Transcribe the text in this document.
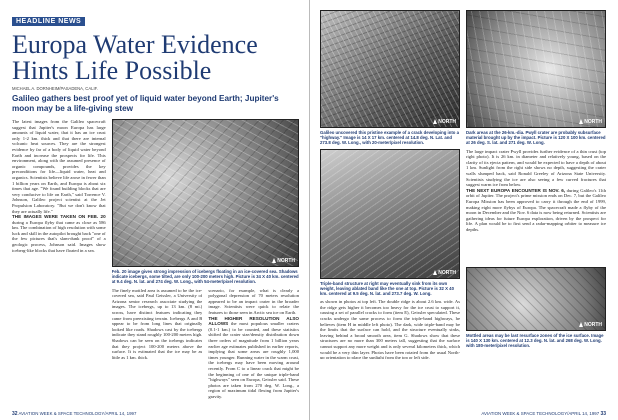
HEADLINE NEWS
Europa Water Evidence
Hints Life Possible
MICHAEL A. DORNHEIM/PASADENA, CALIF.
Galileo gathers best proof yet of liquid water beyond Earth; Jupiter's moon may be a life-giving stew

The latest images from the Galileo spacecraft suggest that Jupiter's moon Europa has large amounts of liquid water, that it has an ice crust only 1-2 km. thick and that there are internal volcanic heat sources. They are the strongest evidence by far of a body of liquid water beyond Earth and increase the prospects for life. This environment, along with the assumed presence of organic compounds, provides the key preconditions for life—liquid water, heat and organics. Scientists believe life arose in fewer than 1 billion years on Earth, and Europa is about six times that age. "We found building blocks that are very conducive to life on Earth," said Torrence V. Johnson, Galileo project scientist at the Jet Propulsion Laboratory. "But we don't know that they are actually life."

THE IMAGES WERE TAKEN ON FEB. 20 during a Europa flyby that came as close as 586 km. The combination of high resolution with some luck and skill in the autopilot brought back "one of the few pictures that's slam-dunk proof" of a geologic process, Johnson said. Images show iceberg-like blocks that have floated in a sea.

NORTH
Feb. 20 image gives strong impression of icebergs floating in an ice-covered sea. Shadows indicate icebergs, some tilted, are only 100-200 meters high. Picture is 34 X 40 km. centered at 9.4 deg. N. lat. and 274 deg. W. Long., with 54-meter/pixel resolution.

The finely mottled area is assumed to be the ice-covered sea, said Paul Geissler, a University of Arizona senior research associate studying the images. The icebergs, up to 13 km. (8 mi.) across, have distinct features indicating they came from preexisting terrain. Icebergs A and B appear to be from long lines that originally looked like roads. Shadows cast by the icebergs indicate they stand roughly 100-200 meters high. Shadows can be seen on the icebergs indicates that they project 100-200 meters above the surface. It is estimated that the ice may be as little as 1 km. thick.

scenario, for example, what is clearly a polygonal depression of 70 meters resolution appeared to be an impact crater in the broader image. Scientists were quick to relate the features to those seen in Arctic sea ice on Earth.

THE HIGHER RESOLUTION ALSO ALLOWS the most populous smaller craters (0.1-1 km.) to be counted, and these statistics shifted the crater size/density distribution down three orders of magnitude from 1 billion years earlier age estimates published in earlier reports, implying that some areas are roughly 1,000 times younger. Running water in the warm crust, the icebergs may have been moving around recently. From C to a linear crack that might be the beginning of one of the unique triple-band "highways" seen on Europa, Geissler said. These photos are taken from 270 deg. W. Long., a region of maximum tidal flexing from Jupiter's gravity.

32 AVIATION WEEK & SPACE TECHNOLOGY/APRIL 14, 1997
NORTH
Galileo uncovered this pristine example of a crack developing into a "highway." Image is 14 X 17 km. centered at 14.8 deg. N. Lat. and 273.8 deg. W. Long., with 20-meter/pixel resolution.
NORTH
Dark areas at the 26-km.-dia. Pwyll crater are probably subsurface material brought up by the impact. Picture is 120 X 100 km. centered at 26 deg. S. lat. and 271 deg. W. Long.
NORTH
Triple-band structure at right may eventually sink from its own weight, leaving ablated band like the one at top. Picture is 32 X 40 km. centered at 9.5 deg. N. lat. and 273.7 deg. W. Long.

as shown in photos at top left. The double ridge is about 2.6 km. wide. As the ridge gets higher it becomes too heavy for the ice crust to support it, causing a set of parallel cracks to form (item E), Geissler speculated. These cracks undergo the same process to form the triple-band highways, he believes (item H in middle left photo). The dark, wide triple-band may be the limits that the surface can hold, and the structure eventually sinks, leaving behind a broad smooth area, item G. Shadows show that these structures are no more than 300 meters tall, suggesting that the surface cannot support any more weight and is only several kilometers thick, which would be a very thin layer. Photos have been rotated from the usual North-up orientation to place the sunlight from the top or left side.

The large impact crater Pwyll provides further evidence of a thin crust (top right photo). It is 26 km. in diameter and relatively young, based on the clarity of its ejecta pattern, and would be expected to have a depth of about 1 km. Sunlight from the right side shows no depth, suggesting the crater walls slumped back, said Ronald Greeley of Arizona State University. Scientists studying the ice are also seeing a few curved fractures that suggest warm ice from below.

THE NEXT EUROPA ENCOUNTER IS NOV. 6, during Galileo's 11th orbit of Jupiter. The project's prime mission ends on Dec. 7, but the Galileo Europa Mission has been approved to carry it through the end of 1999, making eight more flybys of Europa. The spacecraft made a flyby of the moon in December and the Nov. 6 data is now being returned. Scientists are gathering ideas for future Europa exploration, driven by the prospect for life. A plan would be to first send a radar-mapping orbiter to measure ice depths.

NORTH
Mottled areas may be last resurface zones of the ice surface. Image is 140 X 130 km. centered at 12.3 deg. N. lat. and 268 deg. W. Long. with 180-meter/pixel resolution.
AVIATION WEEK & SPACE TECHNOLOGY/APRIL 14, 1997 33
